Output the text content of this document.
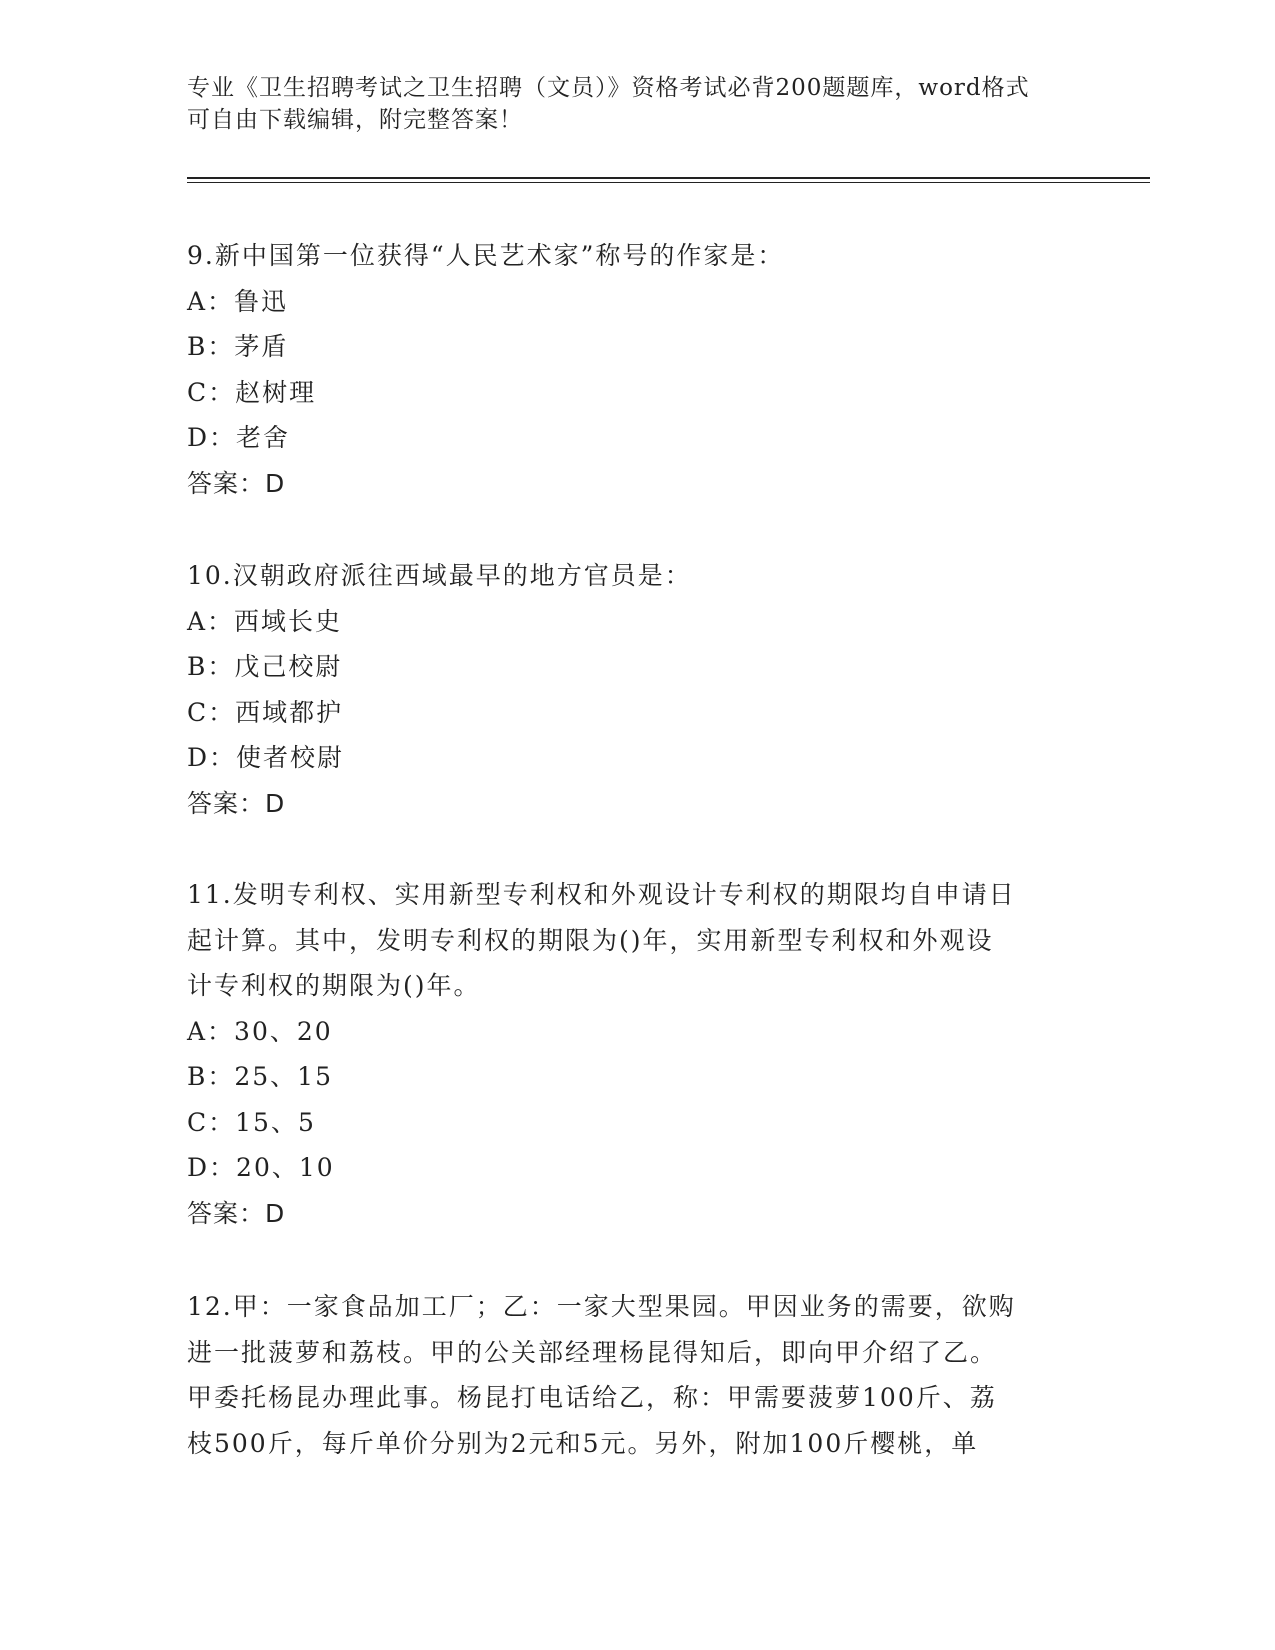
专业《卫生招聘考试之卫生招聘（文员）》资格考试必背200题题库，word格式
可自由下载编辑，附完整答案！

9.新中国第一位获得“人民艺术家”称号的作家是：

A：鲁迅

B：茅盾

C：赵树理

D：老舍

答案：D

10.汉朝政府派往西域最早的地方官员是：

A：西域长史

B：戊己校尉

C：西域都护

D：使者校尉

答案：D

11.发明专利权、实用新型专利权和外观设计专利权的期限均自申请日

起计算。其中，发明专利权的期限为()年，实用新型专利权和外观设

计专利权的期限为()年。

A：30、20

B：25、15

C：15、5

D：20、10

答案：D

12.甲：一家食品加工厂；乙：一家大型果园。甲因业务的需要，欲购

进一批菠萝和荔枝。甲的公关部经理杨昆得知后，即向甲介绍了乙。

甲委托杨昆办理此事。杨昆打电话给乙，称：甲需要菠萝100斤、荔

枝500斤，每斤单价分别为2元和5元。另外，附加100斤樱桃，单
